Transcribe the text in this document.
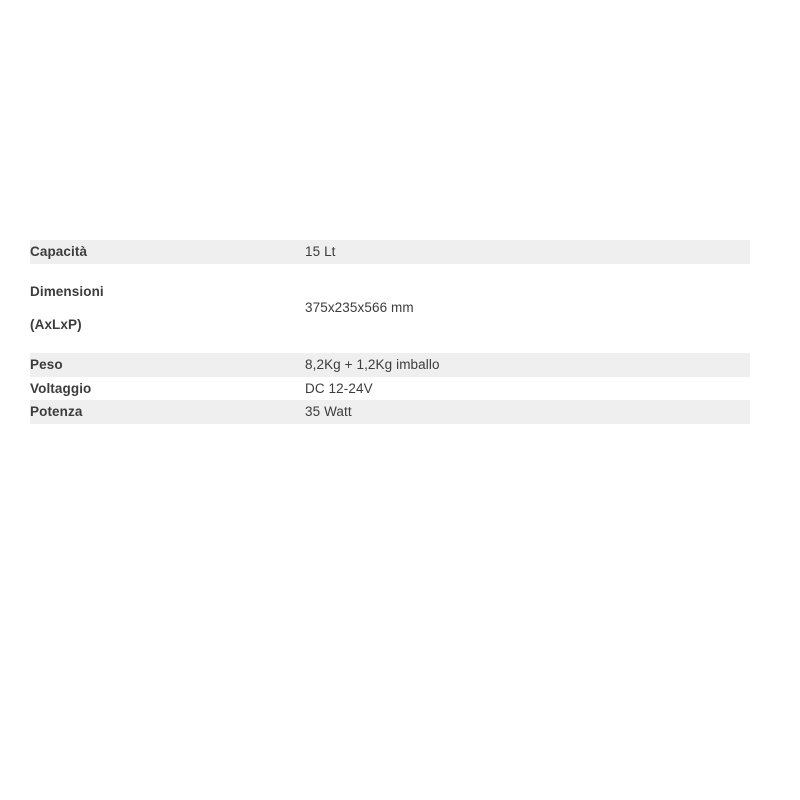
Capacità	15 Lt

Dimensioni
(AxLxP)	375x235x566 mm

Peso	8,2Kg + 1,2Kg imballo

Voltaggio	DC 12-24V

Potenza	35 Watt
